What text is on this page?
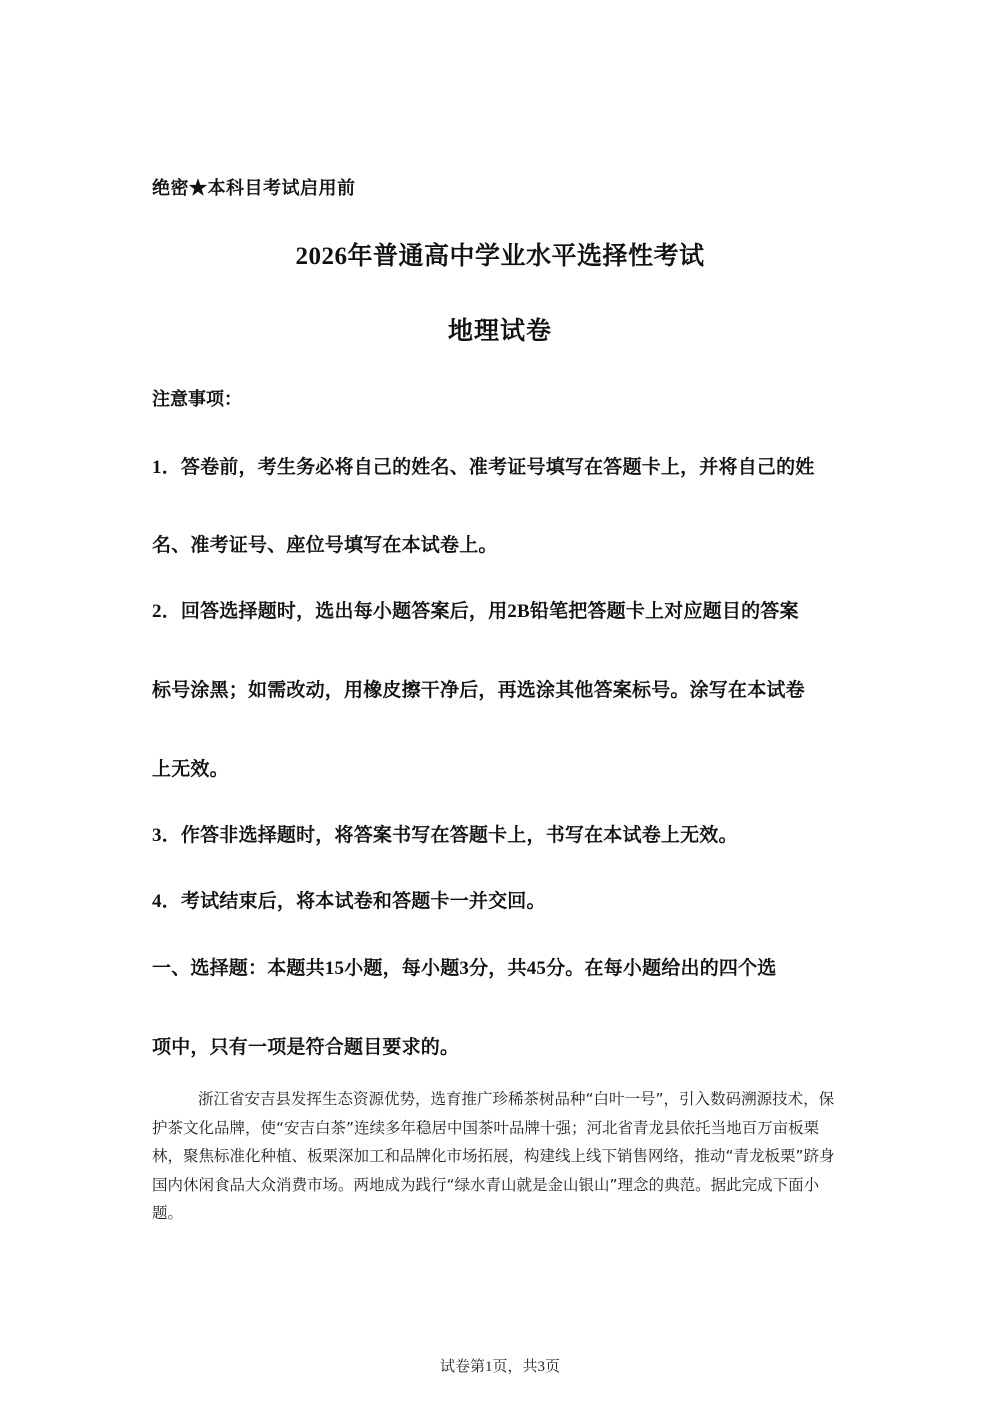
绝密★本科目考试启用前
2026年普通高中学业水平选择性考试
地理试卷
注意事项：
1．答卷前，考生务必将自己的姓名、准考证号填写在答题卡上，并将自己的姓
名、准考证号、座位号填写在本试卷上。
2．回答选择题时，选出每小题答案后，用2B铅笔把答题卡上对应题目的答案
标号涂黑；如需改动，用橡皮擦干净后，再选涂其他答案标号。涂写在本试卷
上无效。
3．作答非选择题时，将答案书写在答题卡上，书写在本试卷上无效。
4．考试结束后，将本试卷和答题卡一并交回。
一、选择题：本题共15小题，每小题3分，共45分。在每小题给出的四个选
项中，只有一项是符合题目要求的。
浙江省安吉县发挥生态资源优势，选育推广珍稀茶树品种“白叶一号”，引入数码溯源技术，保护茶文化品牌，使“安吉白茶”连续多年稳居中国茶叶品牌十强；河北省青龙县依托当地百万亩板栗林，聚焦标准化种植、板栗深加工和品牌化市场拓展，构建线上线下销售网络，推动“青龙板栗”跻身国内休闲食品大众消费市场。两地成为践行“绿水青山就是金山银山”理念的典范。据此完成下面小题。
试卷第1页，共3页
